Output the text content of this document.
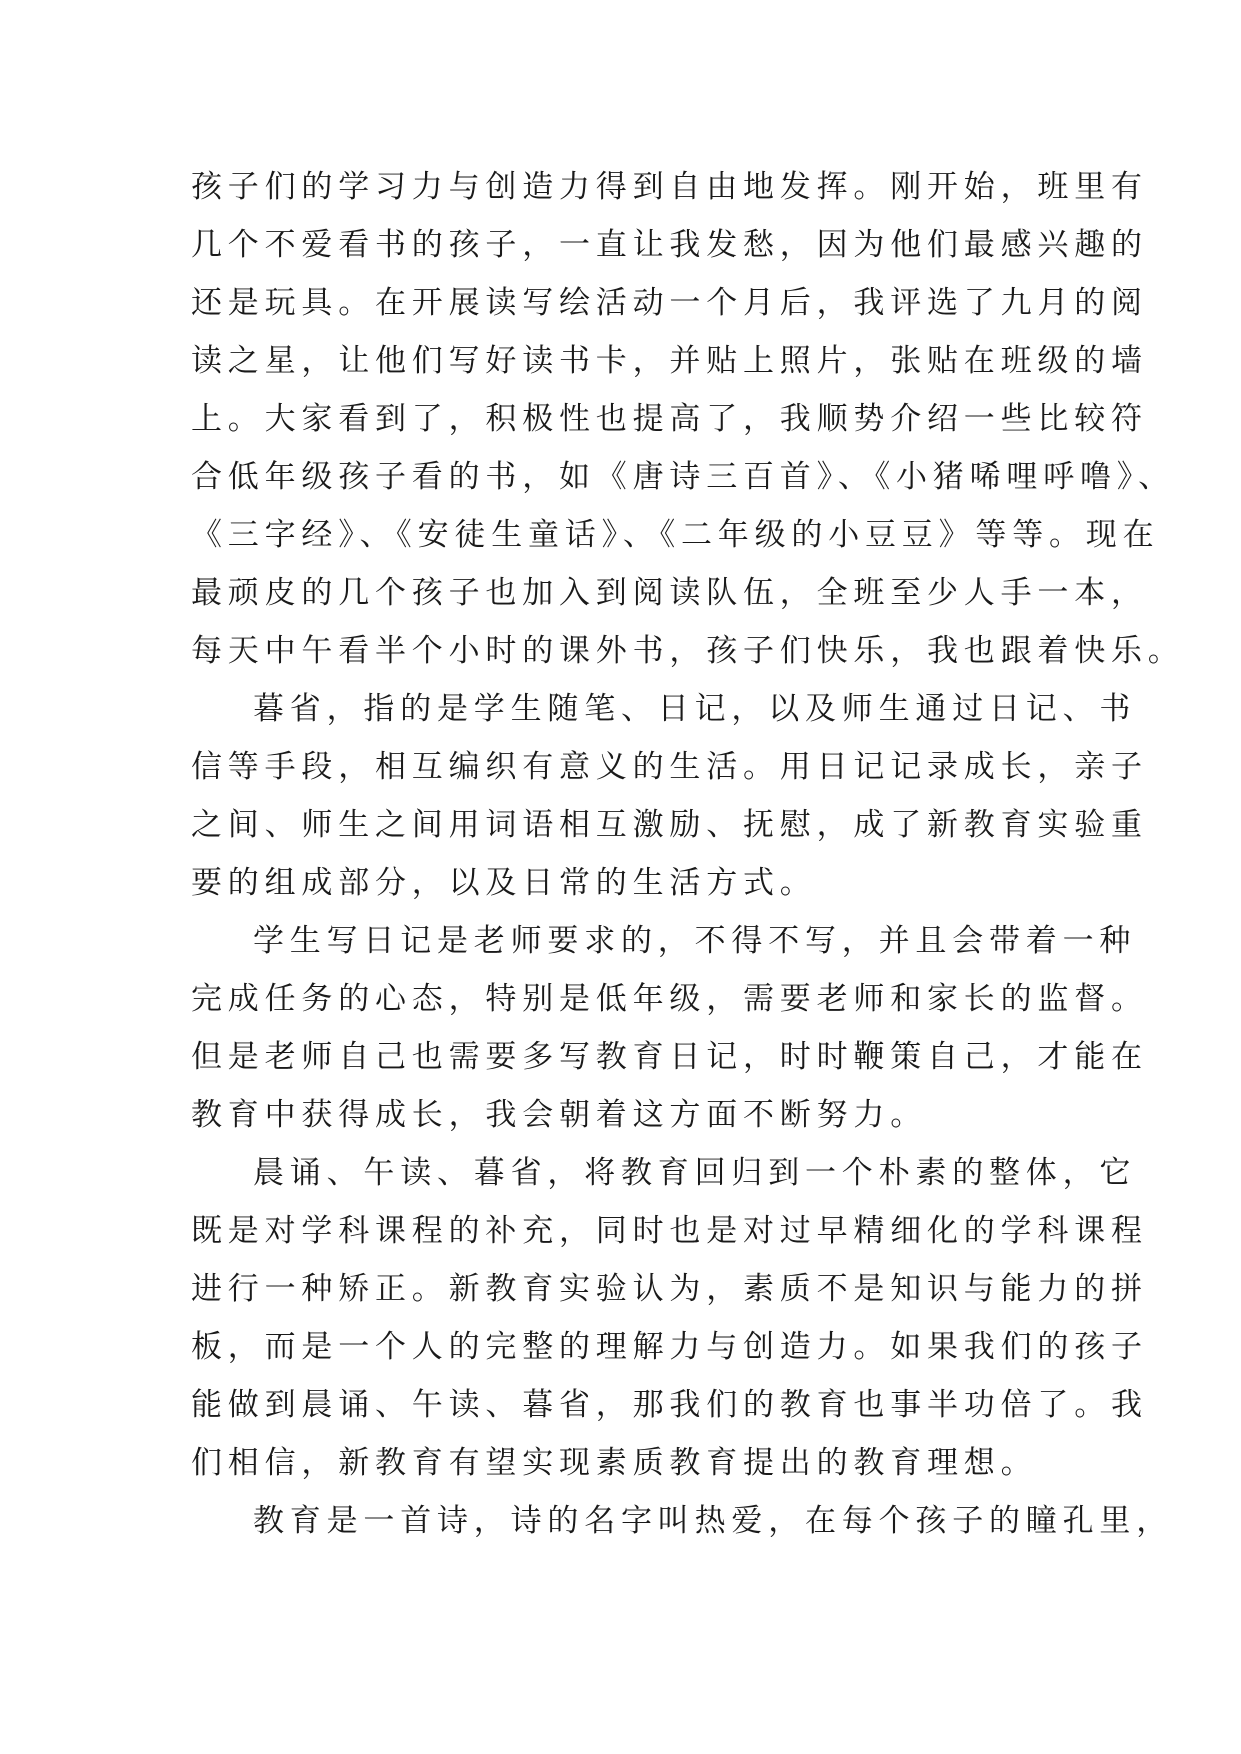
孩子们的学习力与创造力得到自由地发挥。刚开始，班里有
几个不爱看书的孩子，一直让我发愁，因为他们最感兴趣的
还是玩具。在开展读写绘活动一个月后，我评选了九月的阅
读之星，让他们写好读书卡，并贴上照片，张贴在班级的墙
上。大家看到了，积极性也提高了，我顺势介绍一些比较符
合低年级孩子看的书，如《唐诗三百首》、《小猪唏哩呼噜》、
《三字经》、《安徒生童话》、《二年级的小豆豆》等等。现在
最顽皮的几个孩子也加入到阅读队伍，全班至少人手一本，
每天中午看半个小时的课外书，孩子们快乐，我也跟着快乐。
暮省，指的是学生随笔、日记，以及师生通过日记、书
信等手段，相互编织有意义的生活。用日记记录成长，亲子
之间、师生之间用词语相互激励、抚慰，成了新教育实验重
要的组成部分，以及日常的生活方式。
学生写日记是老师要求的，不得不写，并且会带着一种
完成任务的心态，特别是低年级，需要老师和家长的监督。
但是老师自己也需要多写教育日记，时时鞭策自己，才能在
教育中获得成长，我会朝着这方面不断努力。
晨诵、午读、暮省，将教育回归到一个朴素的整体，它
既是对学科课程的补充，同时也是对过早精细化的学科课程
进行一种矫正。新教育实验认为，素质不是知识与能力的拼
板，而是一个人的完整的理解力与创造力。如果我们的孩子
能做到晨诵、午读、暮省，那我们的教育也事半功倍了。我
们相信，新教育有望实现素质教育提出的教育理想。
教育是一首诗，诗的名字叫热爱，在每个孩子的瞳孔里，
